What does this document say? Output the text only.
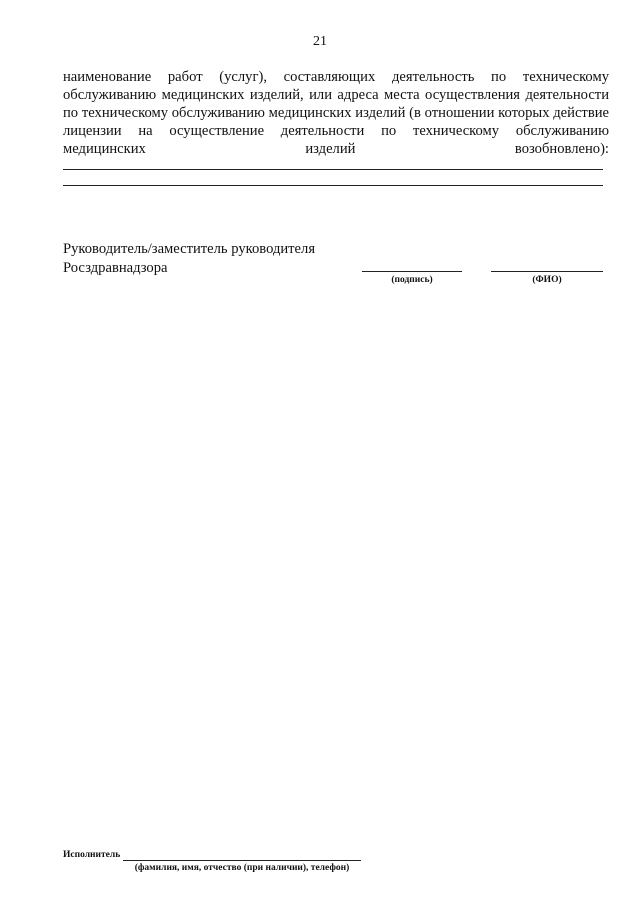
21
наименование работ (услуг), составляющих деятельность по техническому обслуживанию медицинских изделий, или адреса места осуществления деятельности по техническому обслуживанию медицинских изделий (в отношении которых действие лицензии на осуществление деятельности по техническому обслуживанию медицинских изделий возобновлено):
Руководитель/заместитель руководителя
Росздравнадзора
(подпись)	(ФИО)
Исполнитель
(фамилия, имя, отчество (при наличии), телефон)
